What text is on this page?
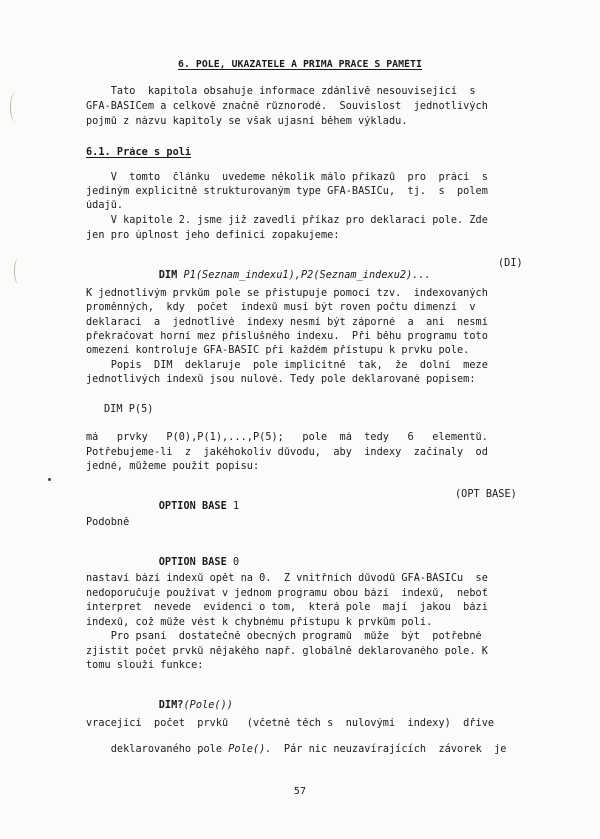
6. POLE, UKAZATELE A PŘÍMÁ PRÁCE S PAMĚTÍ
Tato  kapitola obsahuje informace zdánlivě nesouvisející  s
GFA-BASICem a celkově značně různorodé.  Souvislost  jednotlivých
pojmů z názvu kapitoly se však ujasní během výkladu.
6.1. Práce s poli
V  tomto  článku  uvedeme několik málo příkazů  pro  práci  s
jediným explicitně strukturovaným type GFA-BASICu,  tj.  s  polem
údajů.
V kapitole 2. jsme již zavedli příkaz pro deklaraci pole. Zde
jen pro úplnost jeho definici zopakujeme:

DIM P1(Seznam_indexu1),P2(Seznam_indexu2)...

(DI)
K jednotlivým prvkům pole se přistupuje pomocí tzv.  indexovaných
proměnných,  kdy  počet  indexů musí být roven počtu dimenzí  v
deklaraci  a  jednotlivé  indexy nesmí být záporné  a  ani  nesmí
překračovat horní mez příslušného indexu.  Při běhu programu toto
omezení kontroluje GFA-BASIC při každém přístupu k prvku pole.
Popis  DIM  deklaruje  pole implicitně  tak,  že  dolní  meze
jednotlivých indexů jsou nulové. Tedy pole deklarované popisem:
DIM P(5)
má   prvky   P(0),P(1),...,P(5);   pole  má  tedy   6   elementů.
Potřebujeme-li  z  jakéhokoliv důvodu,  aby  indexy  začínaly  od
jedné, můžeme použít popisu:

OPTION BASE 1

(OPT BASE)
Podobně

OPTION BASE 0

nastaví bázi indexů opět na 0.  Z vnitřních důvodů GFA-BASICu  se
nedoporučuje používat v jednom programu obou bází  indexů,  neboť
interpret  nevede  evidenci o tom,  která pole  mají  jakou  bázi
indexů, což může vést k chybnému přístupu k prvkům polí.
Pro psaní  dostatečně obecných programů  může  být  potřebné
zjistit počet prvků nějakého např. globálně deklarovaného pole. K
tomu slouží funkce:

DIM?(Pole())

vracející  počet  prvků   (včetně těch s  nulovými  indexy)  dříve

deklarovaného pole Pole().  Pár nic neuzavírajících  závorek  je

57
